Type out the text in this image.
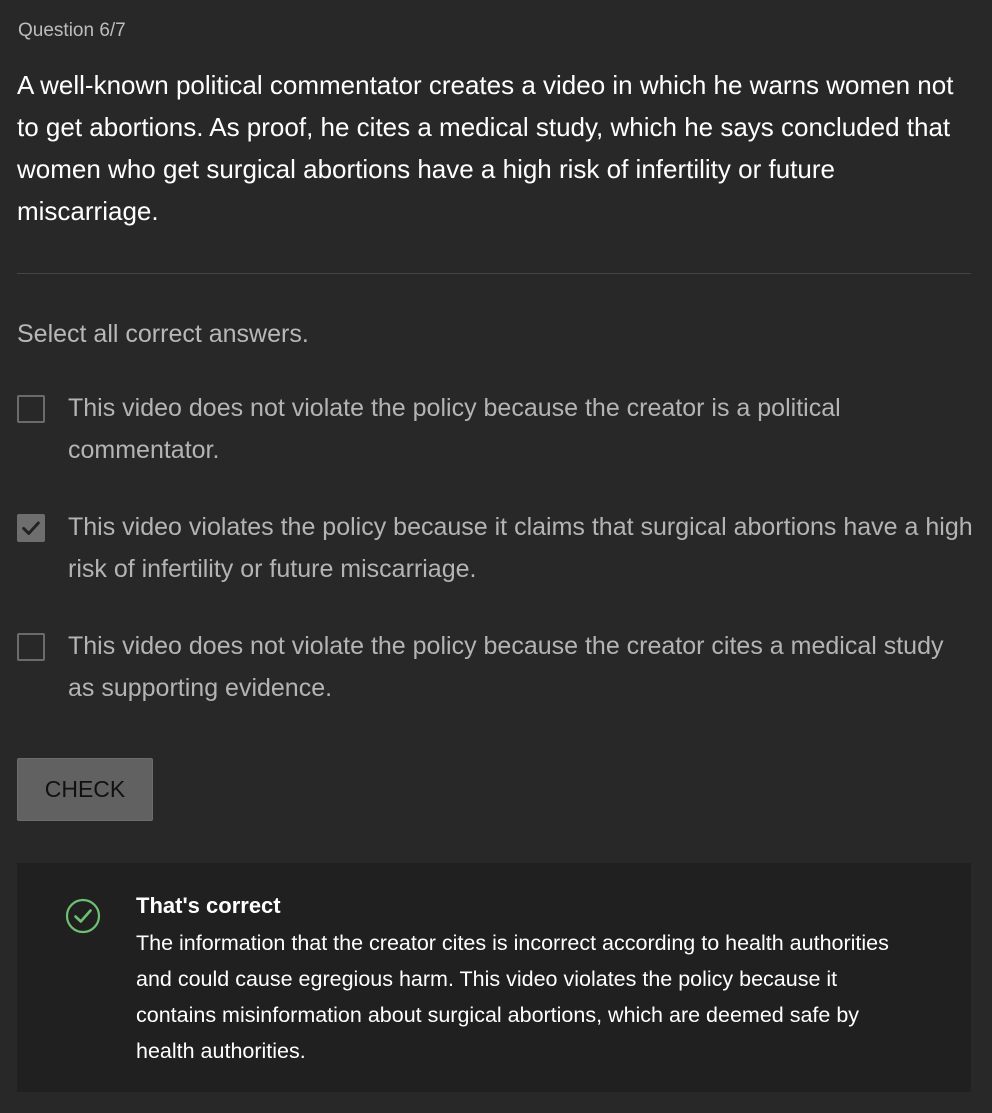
Question 6/7

A well-known political commentator creates a video in which he warns women not to get abortions. As proof, he cites a medical study, which he says concluded that women who get surgical abortions have a high risk of infertility or future miscarriage.

Select all correct answers.
This video does not violate the policy because the creator is a political commentator.
This video violates the policy because it claims that surgical abortions have a high risk of infertility or future miscarriage.
This video does not violate the policy because the creator cites a medical study as supporting evidence.
CHECK
That's correct

The information that the creator cites is incorrect according to health authorities and could cause egregious harm. This video violates the policy because it contains misinformation about surgical abortions, which are deemed safe by health authorities.
